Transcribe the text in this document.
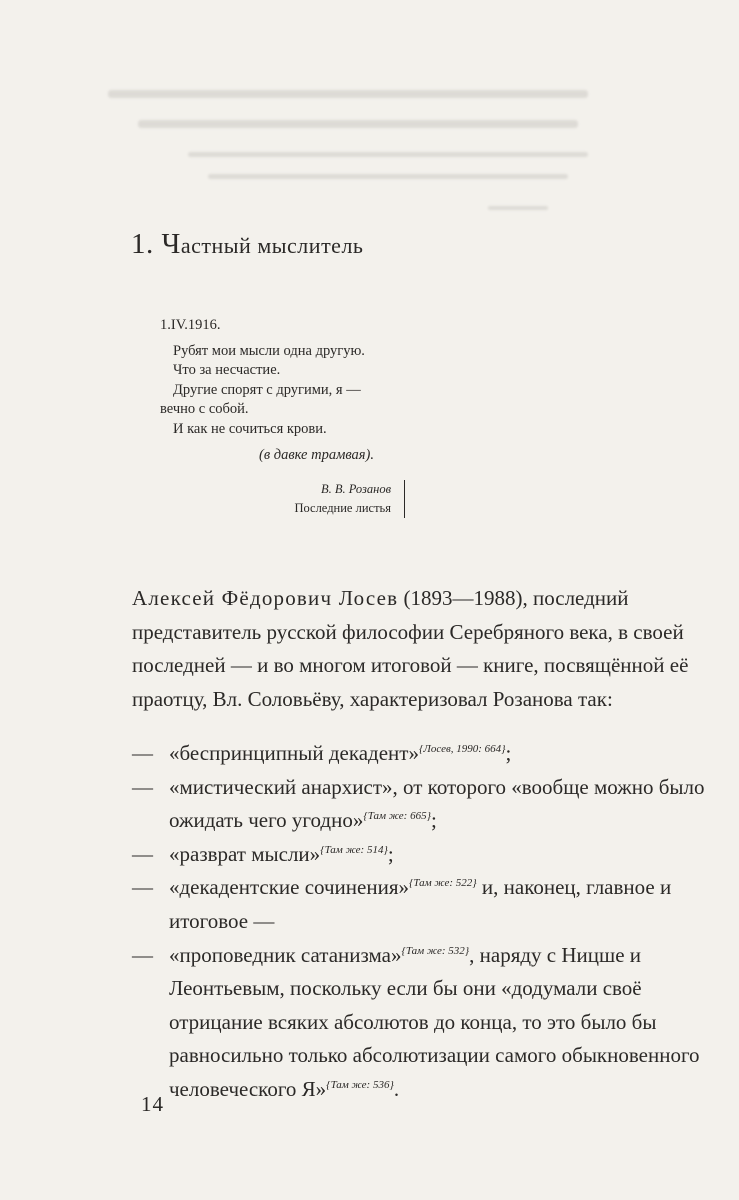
1. Частный мыслитель
1.IV.1916.
Рубят мои мысли одна другую.
Что за несчастие.
Другие спорят с другими, я —
вечно с собой.
И как не сочиться крови.
(в давке трамвая).
В. В. Розанов
Последние листья

Алексей Фёдорович Лосев (1893—1988), последний представитель русской философии Серебряного века, в своей последней — и во многом итоговой — книге, посвящённой её праотцу, Вл. Соловьёву, характеризовал Розанова так:

— «беспринципный декадент»$^{\{Лосев, 1990: 664\}}$;
— «мистический анархист», от которого «вообще можно было ожидать чего угодно»$^{\{Там же: 665\}}$;
— «разврат мысли»$^{\{Там же: 514\}}$;
— «декадентские сочинения»$^{\{Там же: 522\}}$ и, наконец, главное и итоговое —
— «проповедник сатанизма»$^{\{Там же: 532\}}$, наряду с Ницше и Леонтьевым, поскольку если бы они «додумали своё отрицание всяких абсолютов до конца, то это было бы равносильно только абсолютизации самого обыкновенного человеческого Я»$^{\{Там же: 536\}}$.
14
